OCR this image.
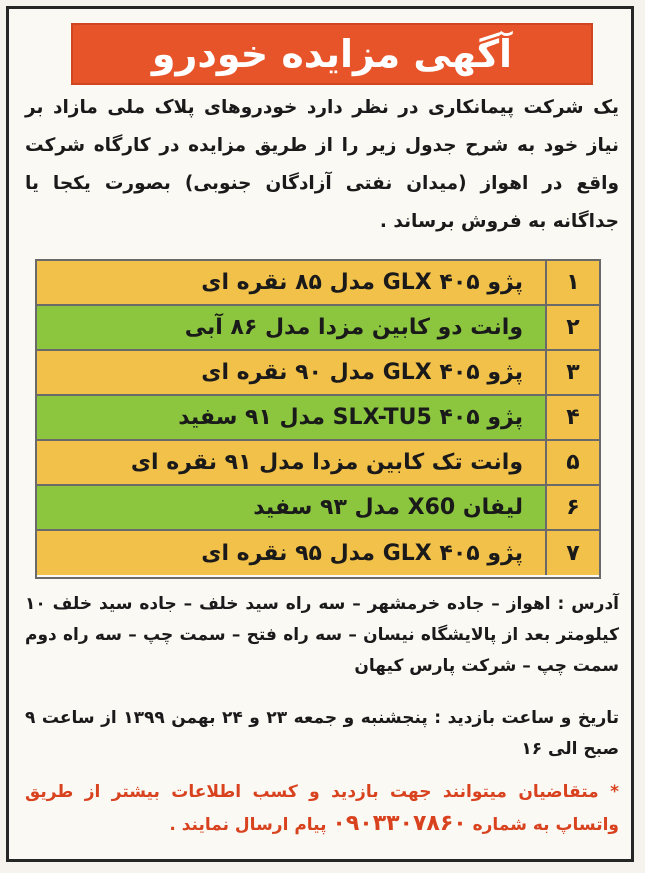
آگهی مزایده خودرو
یک شرکت پیمانکاری در نظر دارد خودروهای پلاک ملی مازاد بر نیاز خود به شرح جدول زیر را از طریق مزایده در کارگاه شرکت واقع در اهواز (میدان نفتی آزادگان جنوبی) بصورت یکجا یا جداگانه به فروش برساند .
۱
پژو ۴۰۵ GLX مدل ۸۵ نقره ای
۲
وانت دو کابین مزدا مدل ۸۶ آبی
۳
پژو ۴۰۵ GLX مدل ۹۰ نقره ای
۴
پژو ۴۰۵ SLX-TU5 مدل ۹۱ سفید
۵
وانت تک کابین مزدا مدل ۹۱ نقره ای
۶
لیفان X60 مدل ۹۳ سفید
۷
پژو ۴۰۵ GLX مدل ۹۵ نقره ای
آدرس : اهواز – جاده خرمشهر – سه راه سید خلف – جاده سید خلف ۱۰ کیلومتر بعد از پالایشگاه نیسان – سه راه فتح – سمت چپ – سه راه دوم سمت چپ – شرکت پارس کیهان
تاریخ و ساعت بازدید : پنجشنبه و جمعه ۲۳ و ۲۴ بهمن ۱۳۹۹ از ساعت ۹ صبح الی ۱۶
* متقاضیان میتوانند جهت بازدید و کسب اطلاعات بیشتر از طریق واتساپ به شماره ۰۹۰۳۳۰۷۸۶۰ پیام ارسال نمایند .
